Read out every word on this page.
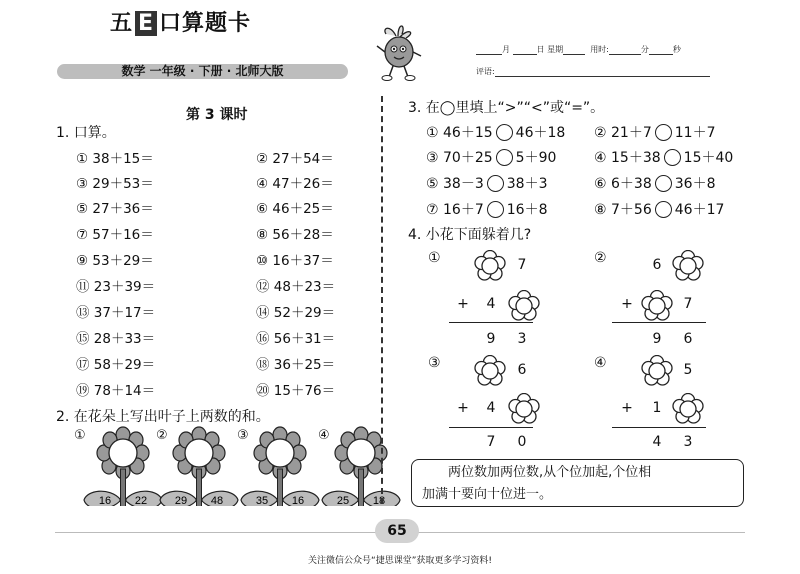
五 E 口算题卡
数学 一年级 · 下册 · 北师大版
月	日 星期	用时:	分	秒
评语:
第 3 课时
1. 口算。
① 38＋15＝	② 27＋54＝
③ 29＋53＝	④ 47＋26＝
⑤ 27＋36＝	⑥ 46＋25＝
⑦ 57＋16＝	⑧ 56＋28＝
⑨ 53＋29＝	⑩ 16＋37＝
⑪ 23＋39＝	⑫ 48＋23＝
⑬ 37＋17＝	⑭ 52＋29＝
⑮ 28＋33＝	⑯ 56＋31＝
⑰ 58＋29＝	⑱ 36＋25＝
⑲ 78＋14＝	⑳ 15＋76＝
2. 在花朵上写出叶子上两数的和。
①
16 22
②
29 48
③
35 16
④
25 18
3. 在◯里填上“>”“<”或“=”。
① 46＋15 46＋18 ② 21＋7 11＋7
③ 70＋25 5＋90	④ 15＋38 15＋40
⑤ 38－3 38＋3	⑥ 6＋38 36＋8
⑦ 16＋7 16＋8	⑧ 7＋56 46＋17
4. 小花下面躲着几?
①	7
+ 4
9 3
②	6
+	7
9 6
③	6
+ 4
7 0
④	5
+ 1
4 3
两位数加两位数,从个位加起,个位相
加满十要向十位进一。
65
关注微信公众号“捷思课堂”获取更多学习资料!
